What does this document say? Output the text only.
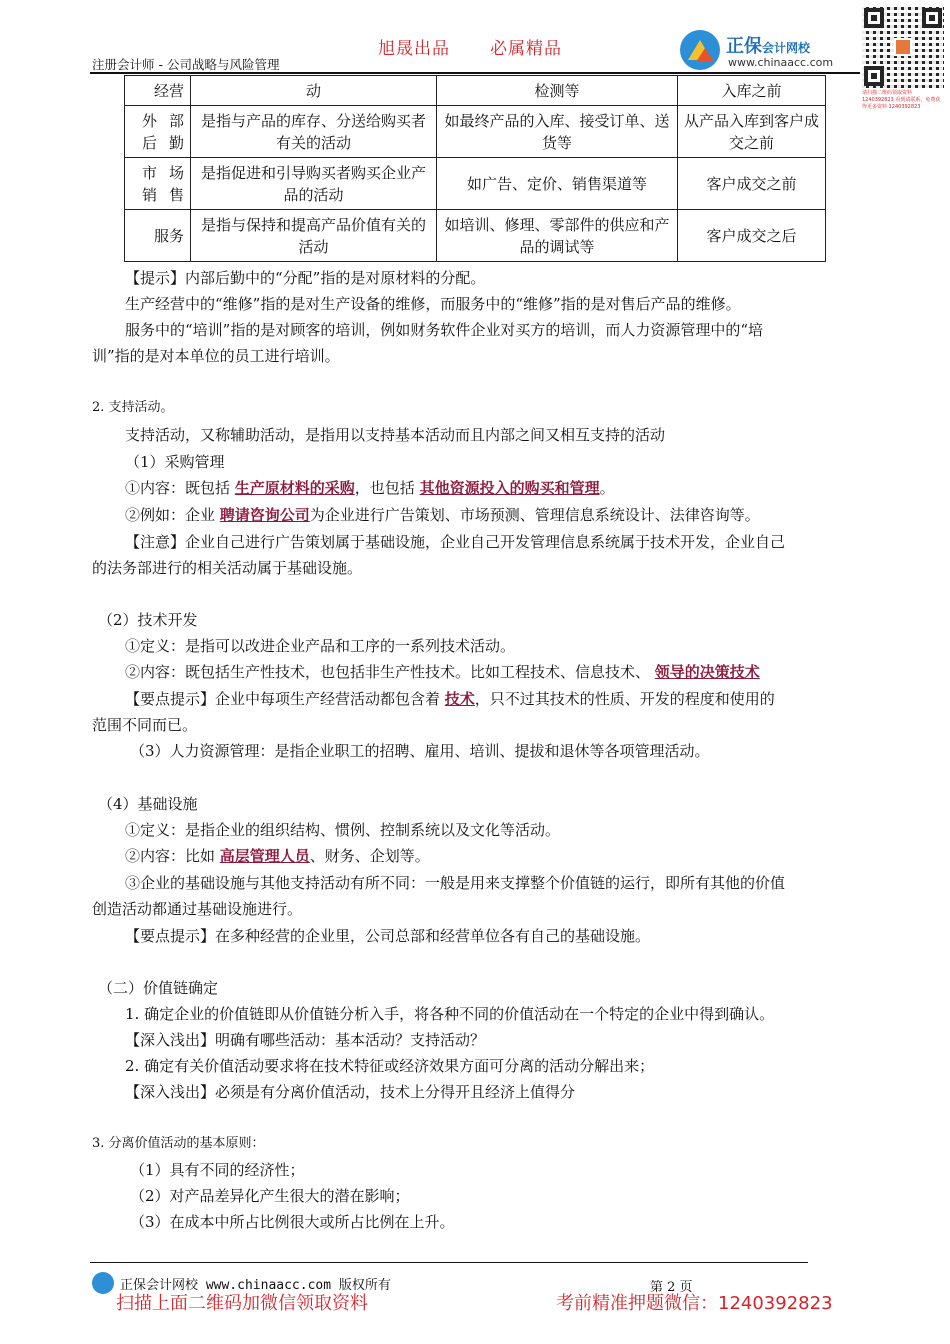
旭晟出品 必属精品
注册会计师 - 公司战略与风险管理
正保会计网校
www.chinaacc.com
请扫描二维码领取资料 1240392823 看到请联系，免费获得更多资料 1240392823
经营	动	检测等	入库之前
外部后勤	是指与产品的库存、分送给购买者有关的活动	如最终产品的入库、接受订单、送货等	从产品入库到客户成交之前
市场销售	是指促进和引导购买者购买企业产品的活动	如广告、定价、销售渠道等	客户成交之前
服务	是指与保持和提高产品价值有关的活动	如培训、修理、零部件的供应和产品的调试等	客户成交之后
【提示】内部后勤中的“分配”指的是对原材料的分配。
生产经营中的“维修”指的是对生产设备的维修，而服务中的“维修”指的是对售后产品的维修。
服务中的“培训”指的是对顾客的培训，例如财务软件企业对买方的培训，而人力资源管理中的“培
训”指的是对本单位的员工进行培训。
2. 支持活动。
支持活动，又称辅助活动，是指用以支持基本活动而且内部之间又相互支持的活动
（1）采购管理
①内容：既包括 生产原材料的采购，也包括 其他资源投入的购买和管理。
②例如：企业 聘请咨询公司为企业进行广告策划、市场预测、管理信息系统设计、法律咨询等。
【注意】企业自己进行广告策划属于基础设施，企业自己开发管理信息系统属于技术开发，企业自己
的法务部进行的相关活动属于基础设施。
（2）技术开发
①定义：是指可以改进企业产品和工序的一系列技术活动。
②内容：既包括生产性技术，也包括非生产性技术。比如工程技术、信息技术、 领导的决策技术
【要点提示】企业中每项生产经营活动都包含着 技术，只不过其技术的性质、开发的程度和使用的
范围不同而已。
（3）人力资源管理：是指企业职工的招聘、雇用、培训、提拔和退休等各项管理活动。
（4）基础设施
①定义：是指企业的组织结构、惯例、控制系统以及文化等活动。
②内容：比如 高层管理人员、财务、企划等。
③企业的基础设施与其他支持活动有所不同：一般是用来支撑整个价值链的运行，即所有其他的价值
创造活动都通过基础设施进行。
【要点提示】在多种经营的企业里，公司总部和经营单位各有自己的基础设施。
（二）价值链确定
1. 确定企业的价值链即从价值链分析入手，将各种不同的价值活动在一个特定的企业中得到确认。
【深入浅出】明确有哪些活动：基本活动？支持活动？
2. 确定有关价值活动要求将在技术特征或经济效果方面可分离的活动分解出来；
【深入浅出】必须是有分离价值活动，技术上分得开且经济上值得分
3. 分离价值活动的基本原则：
（1）具有不同的经济性；
（2）对产品差异化产生很大的潜在影响；
（3）在成本中所占比例很大或所占比例在上升。
正保会计网校 www.chinaacc.com 版权所有	第 2 页
扫描上面二维码加微信领取资料	考前精准押题微信：1240392823
